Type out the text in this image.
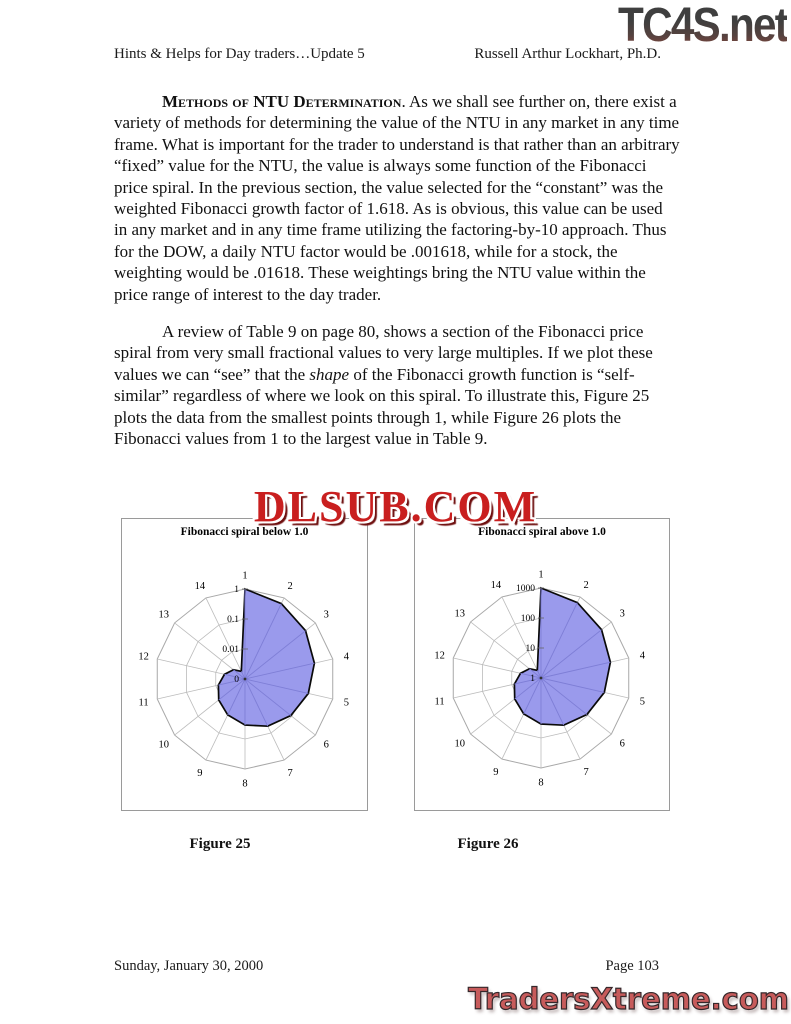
TC4S.net
Hints & Helps for Day traders…Update 5	Russell Arthur Lockhart, Ph.D.

Methods of NTU Determination. As we shall see further on, there exist a variety of methods for determining the value of the NTU in any market in any time frame. What is important for the trader to understand is that rather than an arbitrary “fixed” value for the NTU, the value is always some function of the Fibonacci price spiral. In the previous section, the value selected for the “constant” was the weighted Fibonacci growth factor of 1.618. As is obvious, this value can be used in any market and in any time frame utilizing the factoring-by-10 approach. Thus for the DOW, a daily NTU factor would be .001618, while for a stock, the weighting would be .01618. These weightings bring the NTU value within the price range of interest to the day trader.

A review of Table 9 on page 80, shows a section of the Fibonacci price spiral from very small fractional values to very large multiples. If we plot these values we can “see” that the shape of the Fibonacci growth function is “self-similar” regardless of where we look on this spiral. To illustrate this, Figure 25 plots the data from the smallest points through 1, while Figure 26 plots the Fibonacci values from 1 to the largest value in Table 9.

DLSUB.COM
1
2
3
4
5
6
7
8
9
10
11
12
13
14	1
0.1
0.01
0
Fibonacci spiral below 1.0
1
2
3
4
5
6
7
8
9
10
11
12
13
14 1000
100
10
1
Fibonacci spiral above 1.0
Figure 25	Figure 26
Sunday, January 30, 2000	Page 103
TradersXtreme.com
